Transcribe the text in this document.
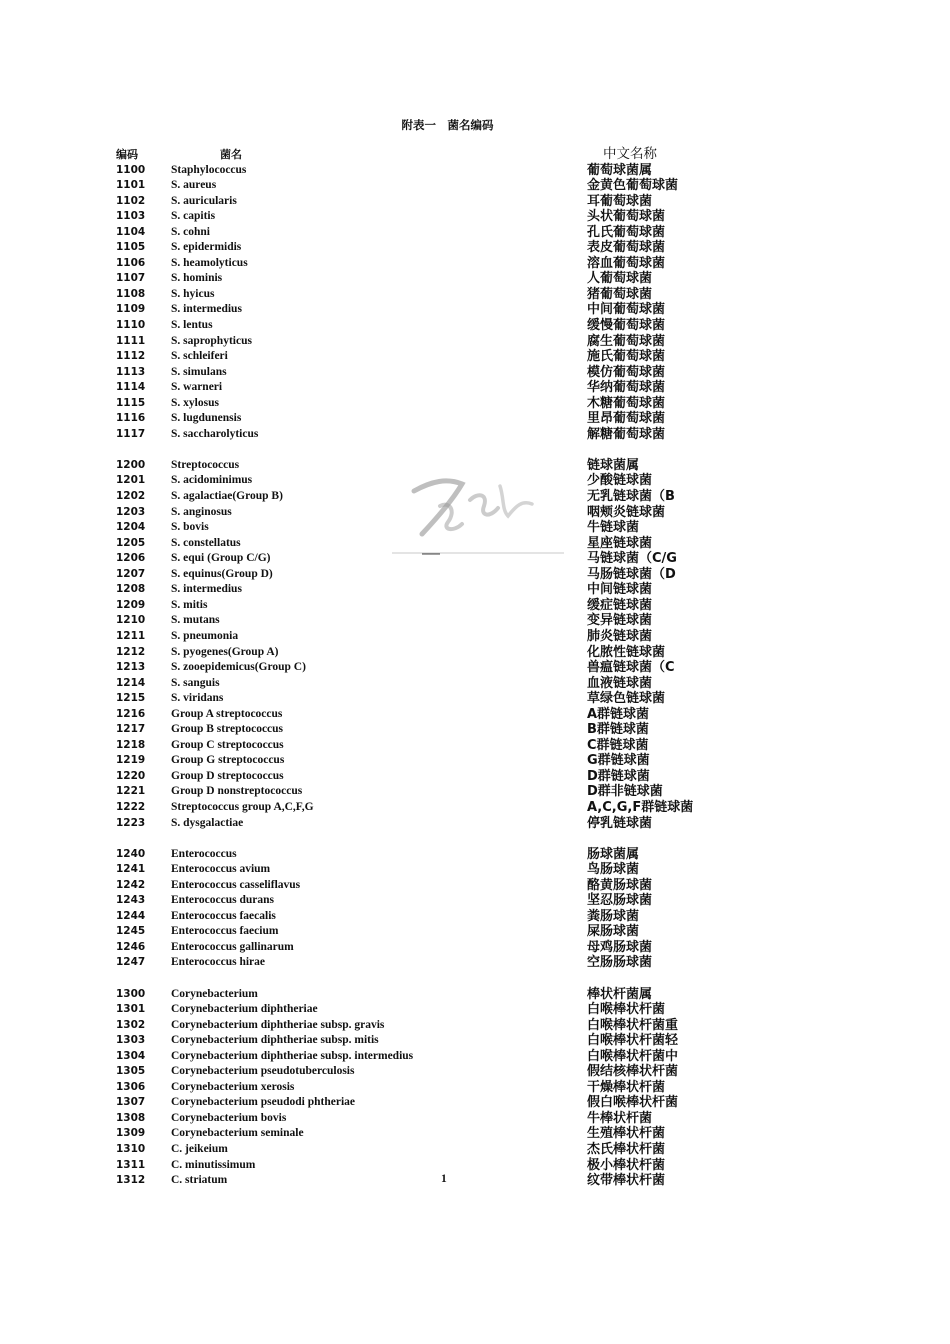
附表一　菌名编码
编码	菌名	中文名称
1100 Staphylococcus	葡萄球菌属
1101 S. aureus	金黄色葡萄球菌
1102 S. auricularis	耳葡萄球菌
1103 S. capitis	头状葡萄球菌
1104 S. cohni	孔氏葡萄球菌
1105 S. epidermidis	表皮葡萄球菌
1106 S. heamolyticus	溶血葡萄球菌
1107 S. hominis	人葡萄球菌
1108 S. hyicus	猪葡萄球菌
1109 S. intermedius	中间葡萄球菌
1110 S. lentus	缓慢葡萄球菌
1111 S. saprophyticus	腐生葡萄球菌
1112 S. schleiferi	施氏葡萄球菌
1113 S. simulans	模仿葡萄球菌
1114 S. warneri	华纳葡萄球菌
1115 S. xylosus	木糖葡萄球菌
1116 S. lugdunensis	里昂葡萄球菌
1117 S. saccharolyticus	解糖葡萄球菌
1200 Streptococcus	链球菌属
1201 S. acidominimus	少酸链球菌
1202 S. agalactiae(Group B)	无乳链球菌（B
1203 S. anginosus	咽颊炎链球菌
1204 S. bovis	牛链球菌
1205 S. constellatus	星座链球菌
1206 S. equi (Group C/G)	马链球菌（C/G
1207 S. equinus(Group D)	马肠链球菌（D
1208 S. intermedius	中间链球菌
1209 S. mitis	缓症链球菌
1210 S. mutans	变异链球菌
1211 S. pneumonia	肺炎链球菌
1212 S. pyogenes(Group A)	化脓性链球菌
1213 S. zooepidemicus(Group C)	兽瘟链球菌（C
1214 S. sanguis	血液链球菌
1215 S. viridans	草绿色链球菌
1216 Group A streptococcus	A群链球菌
1217 Group B streptococcus	B群链球菌
1218 Group C streptococcus	C群链球菌
1219 Group G streptococcus	G群链球菌
1220 Group D streptococcus	D群链球菌
1221 Group D nonstreptococcus	D群非链球菌
1222 Streptococcus group A,C,F,G	A,C,G,F群链球菌
1223 S. dysgalactiae	停乳链球菌
1240 Enterococcus	肠球菌属
1241 Enterococcus avium	鸟肠球菌
1242 Enterococcus casseliflavus	酪黄肠球菌
1243 Enterococcus durans	坚忍肠球菌
1244 Enterococcus faecalis	粪肠球菌
1245 Enterococcus faecium	屎肠球菌
1246 Enterococcus gallinarum	母鸡肠球菌
1247 Enterococcus hirae	空肠肠球菌
1300 Corynebacterium	棒状杆菌属
1301 Corynebacterium diphtheriae	白喉棒状杆菌
1302 Corynebacterium diphtheriae subsp. gravis	白喉棒状杆菌重
1303 Corynebacterium diphtheriae subsp. mitis	白喉棒状杆菌轻
1304 Corynebacterium diphtheriae subsp. intermedius	白喉棒状杆菌中
1305 Corynebacterium pseudotuberculosis	假结核棒状杆菌
1306 Corynebacterium xerosis	干燥棒状杆菌
1307 Corynebacterium pseudodi phtheriae	假白喉棒状杆菌
1308 Corynebacterium bovis	牛棒状杆菌
1309 Corynebacterium seminale	生殖棒状杆菌
1310 C. jeikeium	杰氏棒状杆菌
1311 C. minutissimum	极小棒状杆菌
1312 C. striatum	纹带棒状杆菌
1
